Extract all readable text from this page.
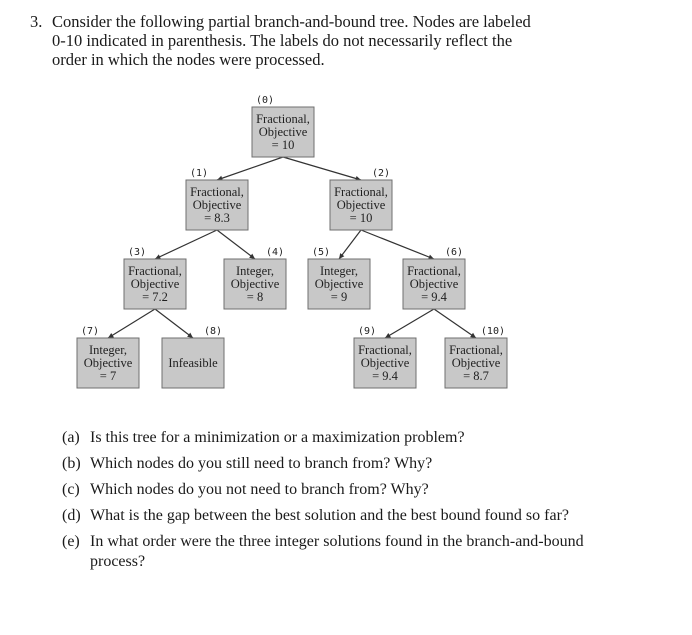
3. Consider the following partial branch-and-bound tree. Nodes are labeled
0-10 indicated in parenthesis. The labels do not necessarily reflect the
order in which the nodes were processed.
(0)
Fractional,
Objective
= 10
(1)
Fractional,
Objective
= 8.3
(2)
Fractional,
Objective
= 10
(3)
Fractional,
Objective
= 7.2
(4)
Integer,
Objective
= 8
(5)
Integer,
Objective
= 9
(6)
Fractional,
Objective
= 9.4
(7)
Integer,
Objective
= 7
(8)
Infeasible
(9)
Fractional,
Objective
= 9.4
(10)
Fractional,
Objective
= 8.7
(a) Is this tree for a minimization or a maximization problem?
(b) Which nodes do you still need to branch from? Why?
(c) Which nodes do you not need to branch from? Why?
(d) What is the gap between the best solution and the best bound found so far?
(e) In what order were the three integer solutions found in the branch-and-bound process?
